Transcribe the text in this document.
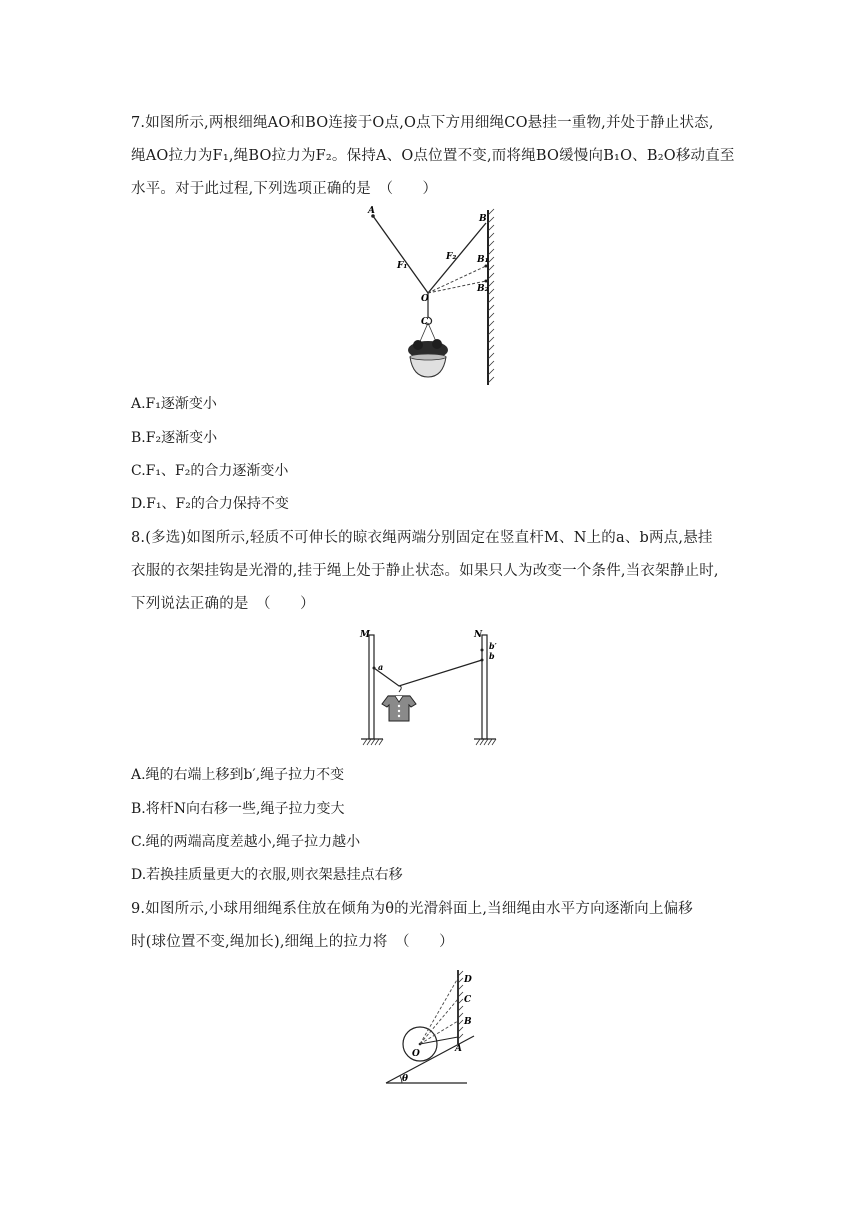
7.如图所示,两根细绳AO和BO连接于O点,O点下方用细绳CO悬挂一重物,并处于静止状态,
绳AO拉力为F₁,绳BO拉力为F₂。保持A、O点位置不变,而将绳BO缓慢向B₁O、B₂O移动直至
水平。对于此过程,下列选项正确的是　（　　）
A
B
B₁
B₂
F₁
F₂
O
C
A.F₁逐渐变小
B.F₂逐渐变小
C.F₁、F₂的合力逐渐变小
D.F₁、F₂的合力保持不变
8.(多选)如图所示,轻质不可伸长的晾衣绳两端分别固定在竖直杆M、N上的a、b两点,悬挂
衣服的衣架挂钩是光滑的,挂于绳上处于静止状态。如果只人为改变一个条件,当衣架静止时,
下列说法正确的是　（　　）
M	N
a
b′
b
A.绳的右端上移到b′,绳子拉力不变
B.将杆N向右移一些,绳子拉力变大
C.绳的两端高度差越小,绳子拉力越小
D.若换挂质量更大的衣服,则衣架悬挂点右移
9.如图所示,小球用细绳系住放在倾角为θ的光滑斜面上,当细绳由水平方向逐渐向上偏移
时(球位置不变,绳加长),细绳上的拉力将　（　　）
D
C
B
A
O
θ
